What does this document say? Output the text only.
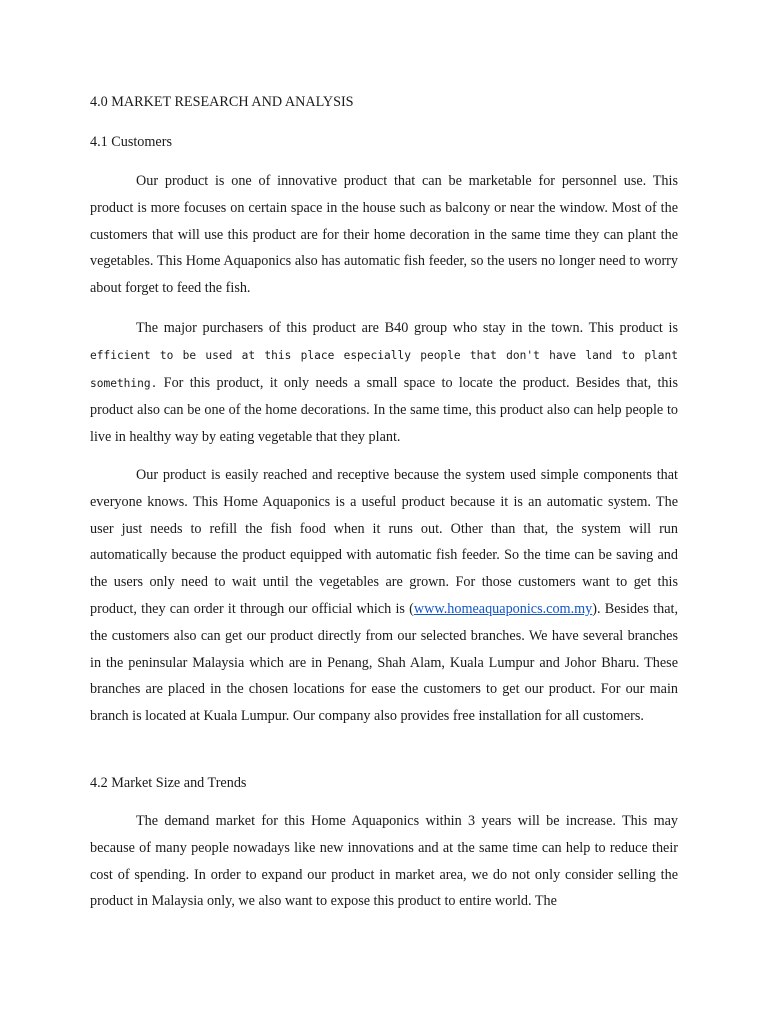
4.0 MARKET RESEARCH AND ANALYSIS
4.1 Customers
Our product is one of innovative product that can be marketable for personnel use. This product is more focuses on certain space in the house such as balcony or near the window. Most of the customers that will use this product are for their home decoration in the same time they can plant the vegetables. This Home Aquaponics also has automatic fish feeder, so the users no longer need to worry about forget to feed the fish.
The major purchasers of this product are B40 group who stay in the town. This product is efficient to be used at this place especially people that don't have land to plant something. For this product, it only needs a small space to locate the product. Besides that, this product also can be one of the home decorations. In the same time, this product also can help people to live in healthy way by eating vegetable that they plant.
Our product is easily reached and receptive because the system used simple components that everyone knows. This Home Aquaponics is a useful product because it is an automatic system. The user just needs to refill the fish food when it runs out. Other than that, the system will run automatically because the product equipped with automatic fish feeder. So the time can be saving and the users only need to wait until the vegetables are grown. For those customers want to get this product, they can order it through our official which is (www.homeaquaponics.com.my). Besides that, the customers also can get our product directly from our selected branches. We have several branches in the peninsular Malaysia which are in Penang, Shah Alam, Kuala Lumpur and Johor Bharu. These branches are placed in the chosen locations for ease the customers to get our product. For our main branch is located at Kuala Lumpur. Our company also provides free installation for all customers.
4.2 Market Size and Trends
The demand market for this Home Aquaponics within 3 years will be increase. This may because of many people nowadays like new innovations and at the same time can help to reduce their cost of spending. In order to expand our product in market area, we do not only consider selling the product in Malaysia only, we also want to expose this product to entire world. The
